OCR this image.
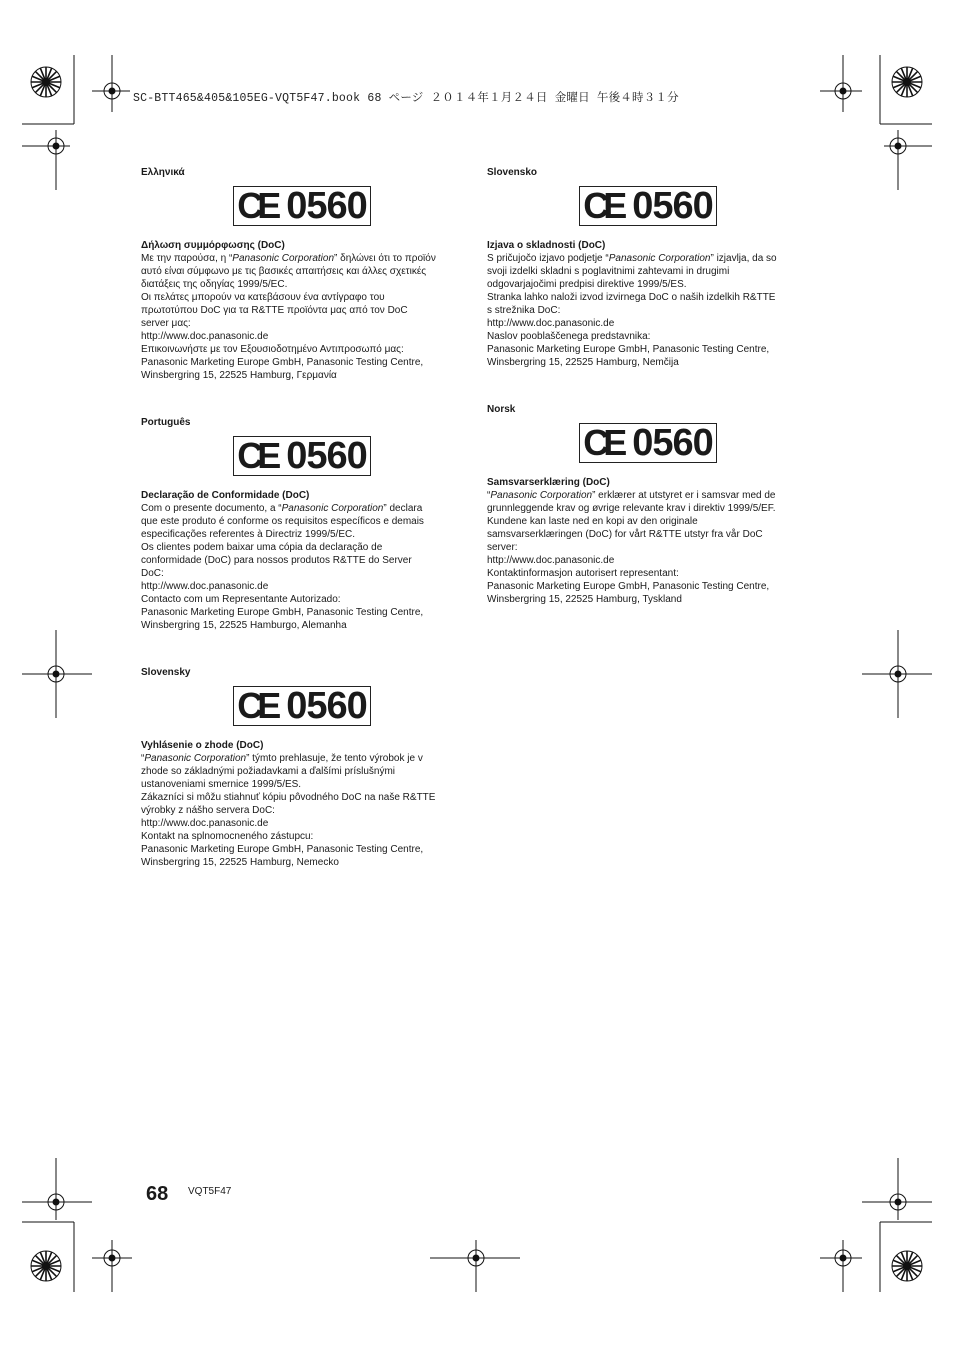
SC-BTT465&405&105EG-VQT5F47.book 68 ページ ２０１４年１月２４日 金曜日 午後４時３１分
Ελληνικά
CE 0560
Δήλωση συμμόρφωσης (DoC)

Με την παρούσα, η “Panasonic Corporation” δηλώνει ότι το προϊόν

αυτό είναι σύμφωνο με τις βασικές απαιτήσεις και άλλες σχετικές

διατάξεις της οδηγίας 1999/5/EC.

Οι πελάτες μπορούν να κατεβάσουν ένα αντίγραφο του

πρωτοτύπου DoC για τα R&TTE προϊόντα μας από τον DoC

server μας:

http://www.doc.panasonic.de

Επικοινωνήστε με τον Εξουσιοδοτημένο Αντιπροσωπό μας:

Panasonic Marketing Europe GmbH, Panasonic Testing Centre,

Winsbergring 15, 22525 Hamburg, Γερμανία

Português
CE 0560
Declaração de Conformidade (DoC)

Com o presente documento, a “Panasonic Corporation” declara

que este produto é conforme os requisitos específicos e demais

especificações referentes à Directriz 1999/5/EC.

Os clientes podem baixar uma cópia da declaração de

conformidade (DoC) para nossos produtos R&TTE do Server

DoC:

http://www.doc.panasonic.de

Contacto com um Representante Autorizado:

Panasonic Marketing Europe GmbH, Panasonic Testing Centre,

Winsbergring 15, 22525 Hamburgo, Alemanha

Slovensky
CE 0560
Vyhlásenie o zhode (DoC)

“Panasonic Corporation” týmto prehlasuje, že tento výrobok je v

zhode so základnými požiadavkami a ďalšími príslušnými

ustanoveniami smernice 1999/5/ES.

Zákazníci si môžu stiahnuť kópiu pôvodného DoC na naše R&TTE

výrobky z nášho servera DoC:

http://www.doc.panasonic.de

Kontakt na splnomocneného zástupcu:

Panasonic Marketing Europe GmbH, Panasonic Testing Centre,

Winsbergring 15, 22525 Hamburg, Nemecko

Slovensko
CE 0560
Izjava o skladnosti (DoC)

S pričujočo izjavo podjetje “Panasonic Corporation” izjavlja, da so

svoji izdelki skladni s poglavitnimi zahtevami in drugimi

odgovarjajočimi predpisi direktive 1999/5/ES.

Stranka lahko naloži izvod izvirnega DoC o naših izdelkih R&TTE

s strežnika DoC:

http://www.doc.panasonic.de

Naslov pooblaščenega predstavnika:

Panasonic Marketing Europe GmbH, Panasonic Testing Centre,

Winsbergring 15, 22525 Hamburg, Nemčija

Norsk
CE 0560
Samsvarserklæring (DoC)

“Panasonic Corporation” erklærer at utstyret er i samsvar med de

grunnleggende krav og øvrige relevante krav i direktiv 1999/5/EF.

Kundene kan laste ned en kopi av den originale

samsvarserklæringen (DoC) for vårt R&TTE utstyr fra vår DoC

server:

http://www.doc.panasonic.de

Kontaktinformasjon autorisert representant:

Panasonic Marketing Europe GmbH, Panasonic Testing Centre,

Winsbergring 15, 22525 Hamburg, Tyskland

68 VQT5F47
